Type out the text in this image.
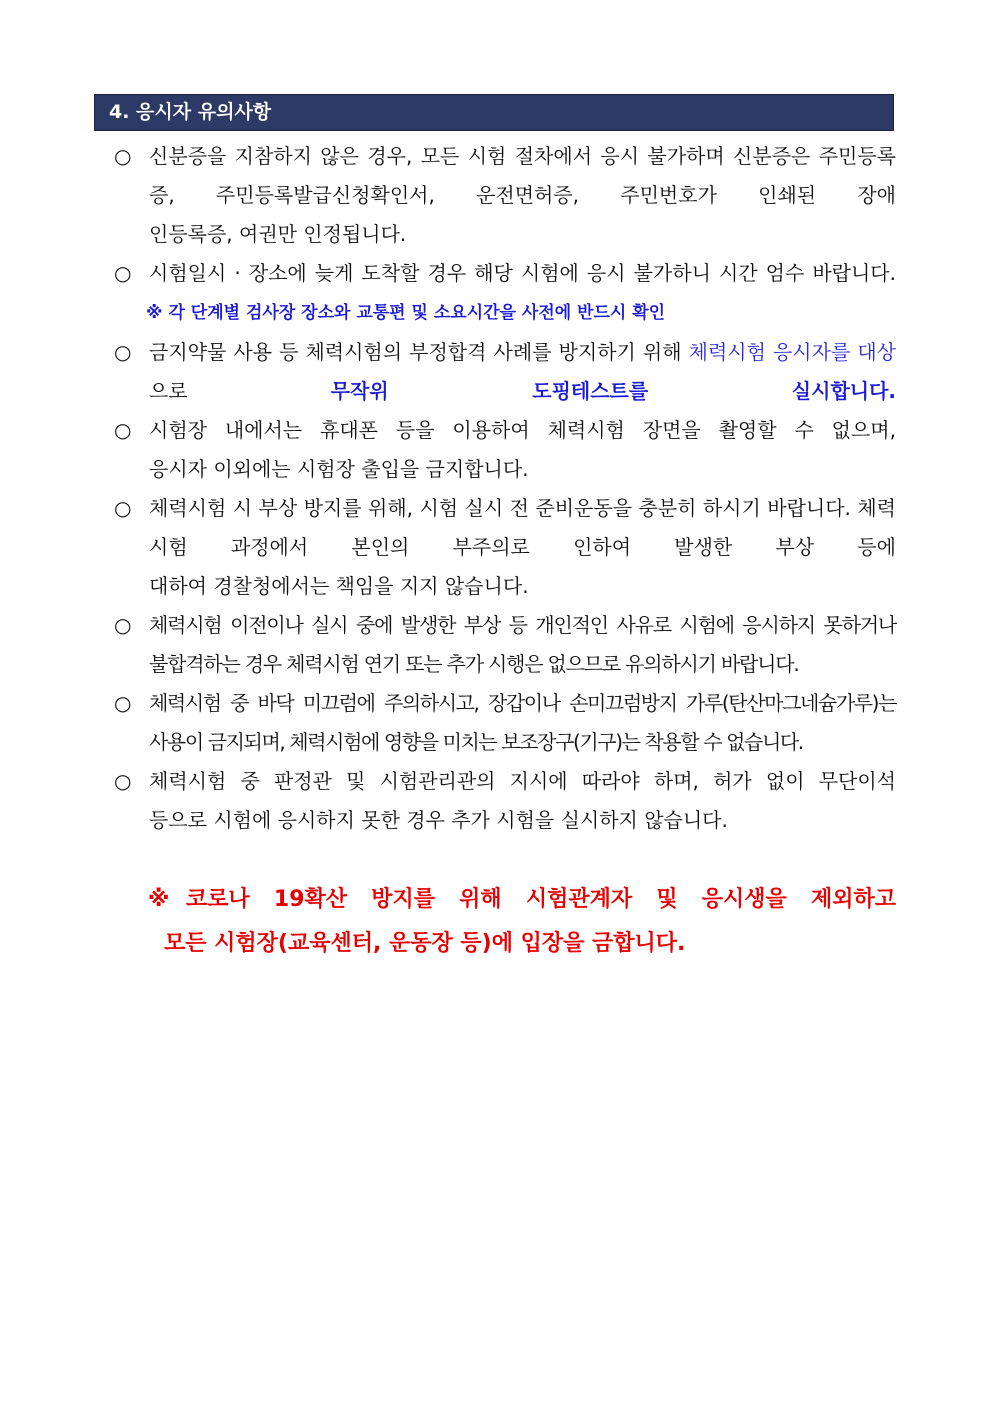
4. 응시자 유의사항
○ 신분증을 지참하지 않은 경우, 모든 시험 절차에서 응시 불가하며 신분증은 주민등록증, 주민등록발급신청확인서, 운전면허증, 주민번호가 인쇄된 장애
인등록증, 여권만 인정됩니다.
○ 시험일시 · 장소에 늦게 도착할 경우 해당 시험에 응시 불가하니 시간 엄수 바랍니다.
※ 각 단계별 검사장 장소와 교통편 및 소요시간을 사전에 반드시 확인
○ 금지약물 사용 등 체력시험의 부정합격 사례를 방지하기 위해 체력시험 응시자를 대상으로	무작위 도핑테스트를 실시합니다.
○ 시험장 내에서는 휴대폰 등을 이용하여 체력시험 장면을 촬영할 수 없으며,
응시자 이외에는 시험장 출입을 금지합니다.
○ 체력시험 시 부상 방지를 위해, 시험 실시 전 준비운동을 충분히 하시기 바랍니다. 체력시험 과정에서 본인의 부주의로 인하여 발생한 부상 등에
대하여 경찰청에서는 책임을 지지 않습니다.
○ 체력시험 이전이나 실시 중에 발생한 부상 등 개인적인 사유로 시험에 응시하지 못하거나
불합격하는 경우 체력시험 연기 또는 추가 시행은 없으므로 유의하시기 바랍니다.
○ 체력시험 중 바닥 미끄럼에 주의하시고, 장갑이나 손미끄럼방지 가루(탄산마그네슘가루)는
사용이 금지되며, 체력시험에 영향을 미치는 보조장구(기구)는 착용할 수 없습니다.
○ 체력시험 중 판정관 및 시험관리관의 지시에 따라야 하며, 허가 없이 무단이석
등으로 시험에 응시하지 못한 경우 추가 시험을 실시하지 않습니다.
※코로나 19확산 방지를 위해 시험관계자 및 응시생을 제외하고
모든 시험장(교육센터, 운동장 등)에 입장을 금합니다.
